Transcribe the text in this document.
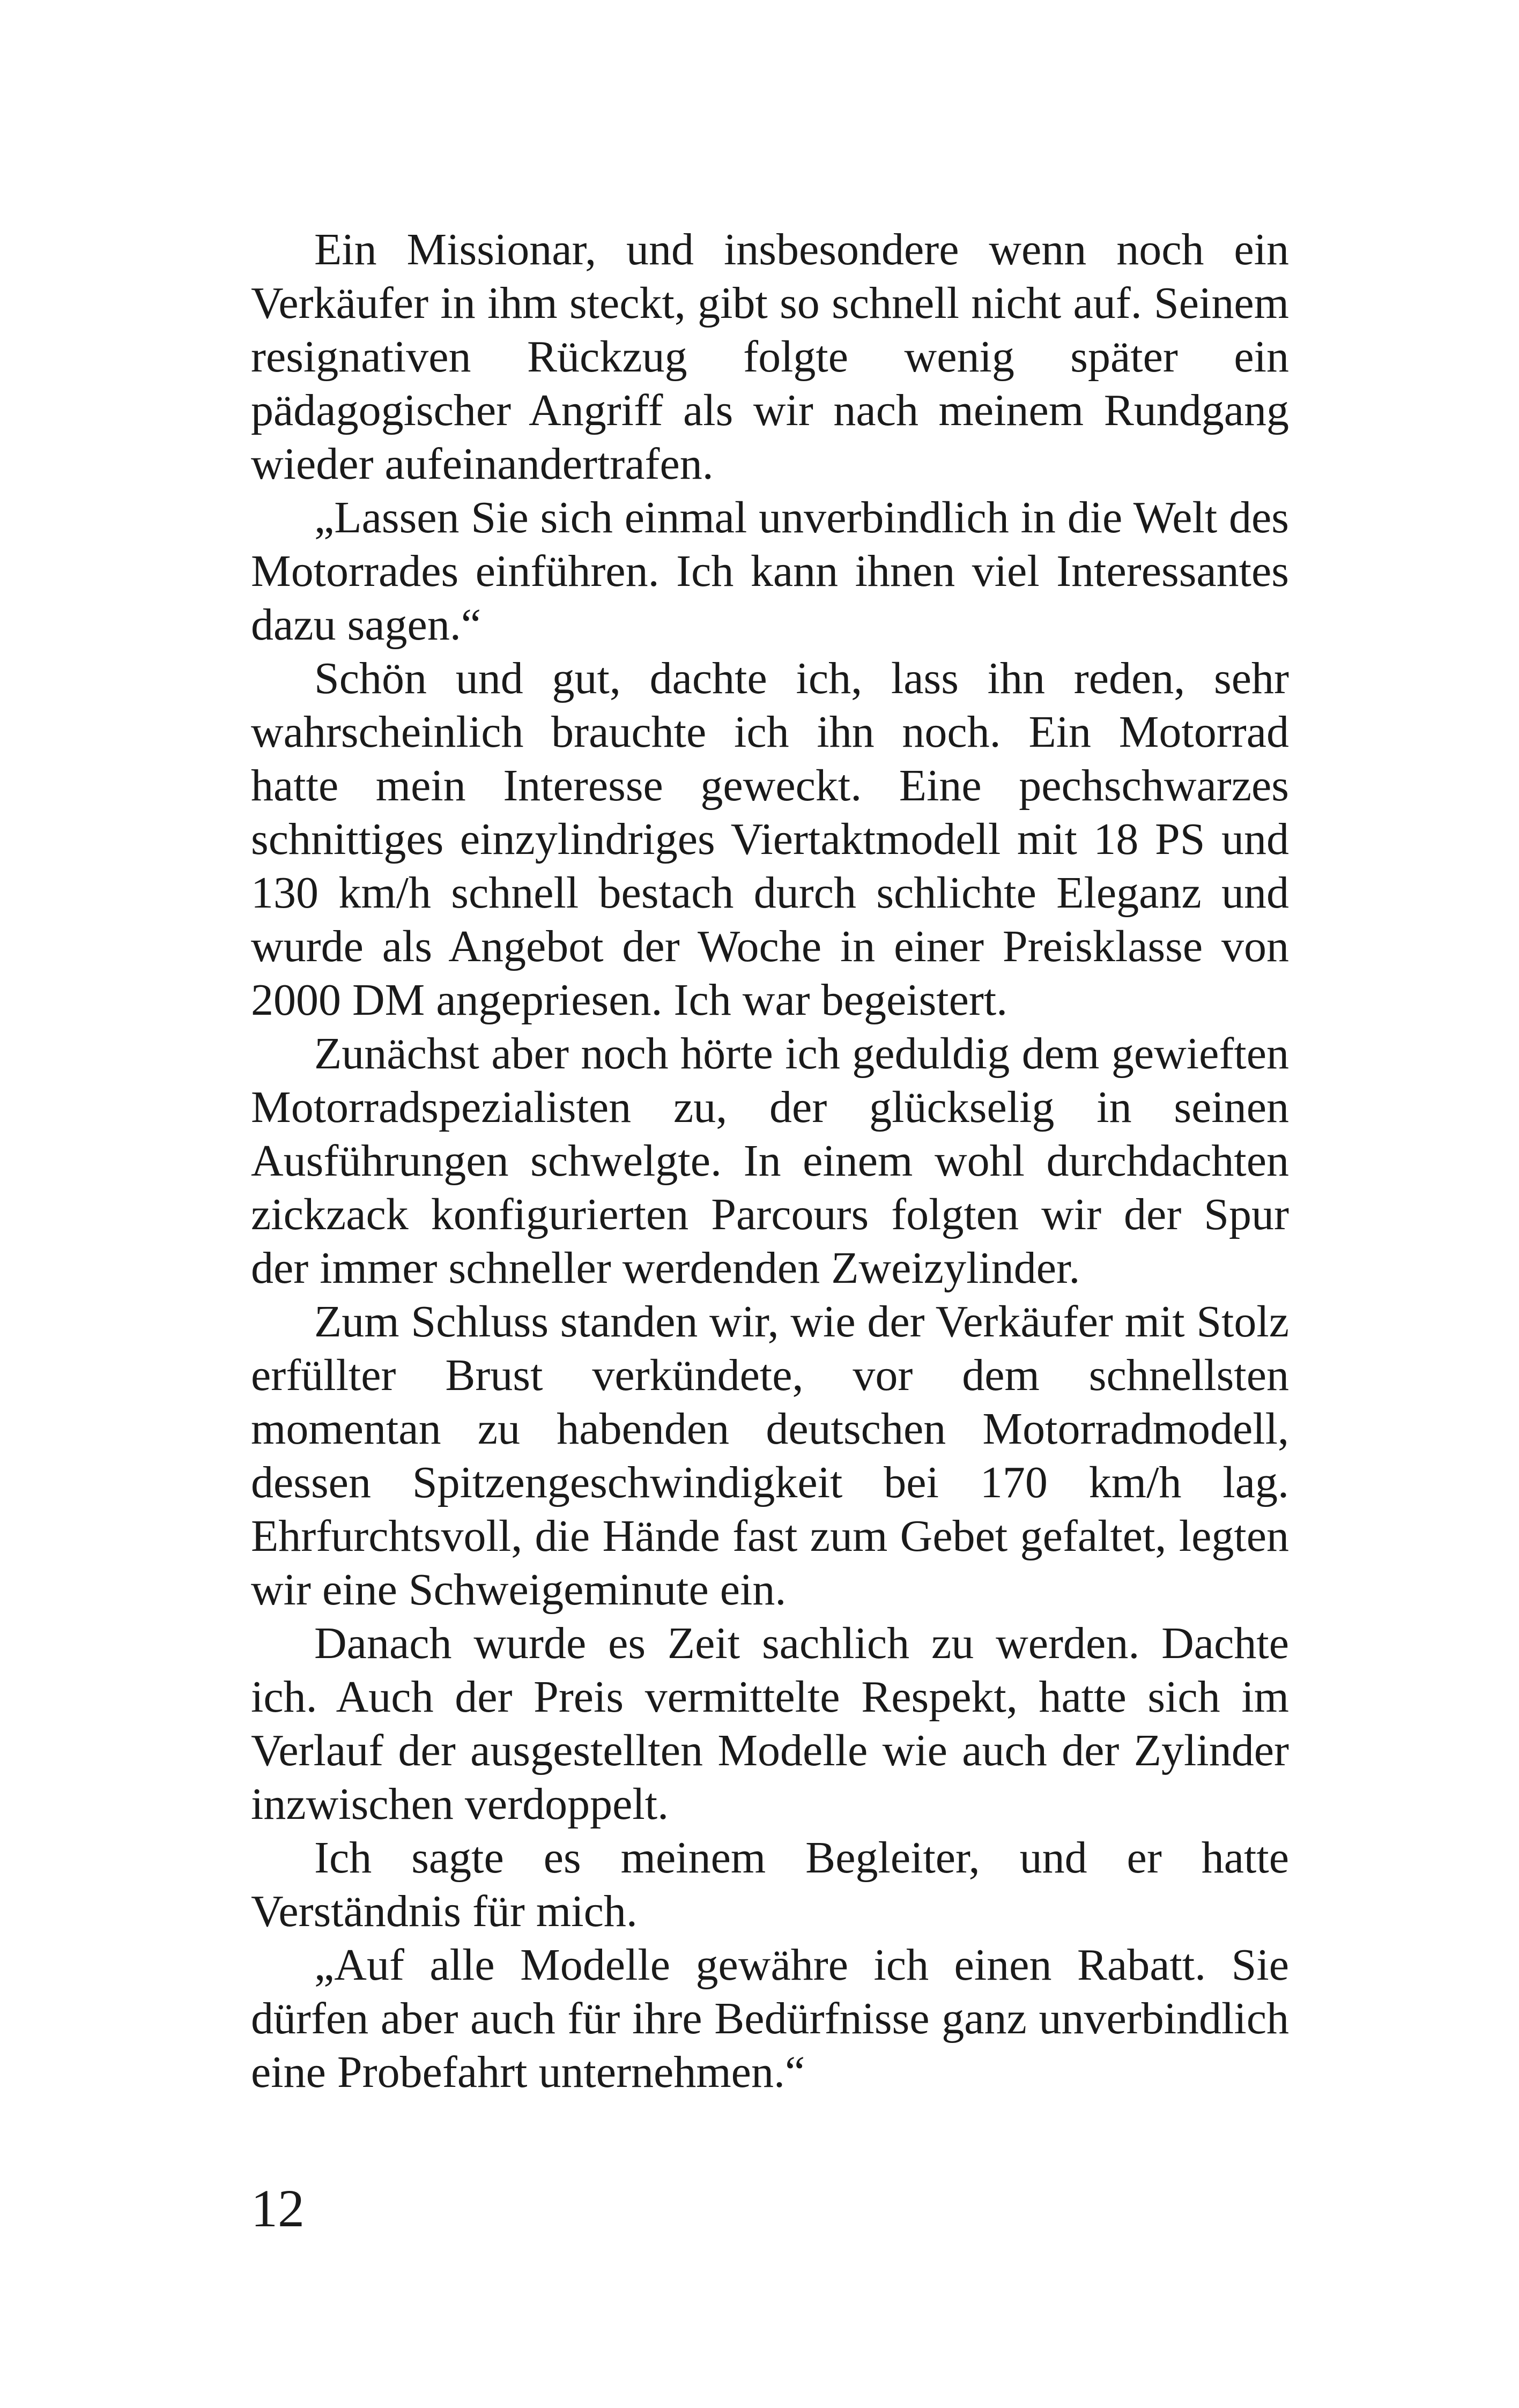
Ein Missionar, und insbesondere wenn noch ein Verkäufer in ihm steckt, gibt so schnell nicht auf. Seinem resignativen Rückzug folgte wenig später ein pädagogischer Angriff als wir nach meinem Rundgang wieder aufeinandertrafen.

„Lassen Sie sich einmal unverbindlich in die Welt des Motorrades einführen. Ich kann ihnen viel Interessantes dazu sagen.“

Schön und gut, dachte ich, lass ihn reden, sehr wahrscheinlich brauchte ich ihn noch. Ein Motorrad hatte mein Interesse geweckt. Eine pechschwarzes schnittiges einzylindriges Viertaktmodell mit 18 PS und 130 km/h schnell bestach durch schlichte Eleganz und wurde als Angebot der Woche in einer Preisklasse von 2000 DM angepriesen. Ich war begeistert.

Zunächst aber noch hörte ich geduldig dem gewieften Motorradspezialisten zu, der glückselig in seinen Ausführungen schwelgte. In einem wohl durchdachten zickzack konfigurierten Parcours folgten wir der Spur der immer schneller werdenden Zweizylinder.

Zum Schluss standen wir, wie der Verkäufer mit Stolz erfüllter Brust verkündete, vor dem schnellsten momentan zu habenden deutschen Motorradmodell, dessen Spitzengeschwindigkeit bei 170 km/h lag. Ehrfurchtsvoll, die Hände fast zum Gebet gefaltet, legten wir eine Schweigeminute ein.

Danach wurde es Zeit sachlich zu werden. Dachte ich. Auch der Preis vermittelte Respekt, hatte sich im Verlauf der ausgestellten Modelle wie auch der Zylinder inzwischen verdoppelt.

Ich sagte es meinem Begleiter, und er hatte Verständnis für mich.

„Auf alle Modelle gewähre ich einen Rabatt. Sie dürfen aber auch für ihre Bedürfnisse ganz unverbindlich eine Probefahrt unternehmen.“

12
